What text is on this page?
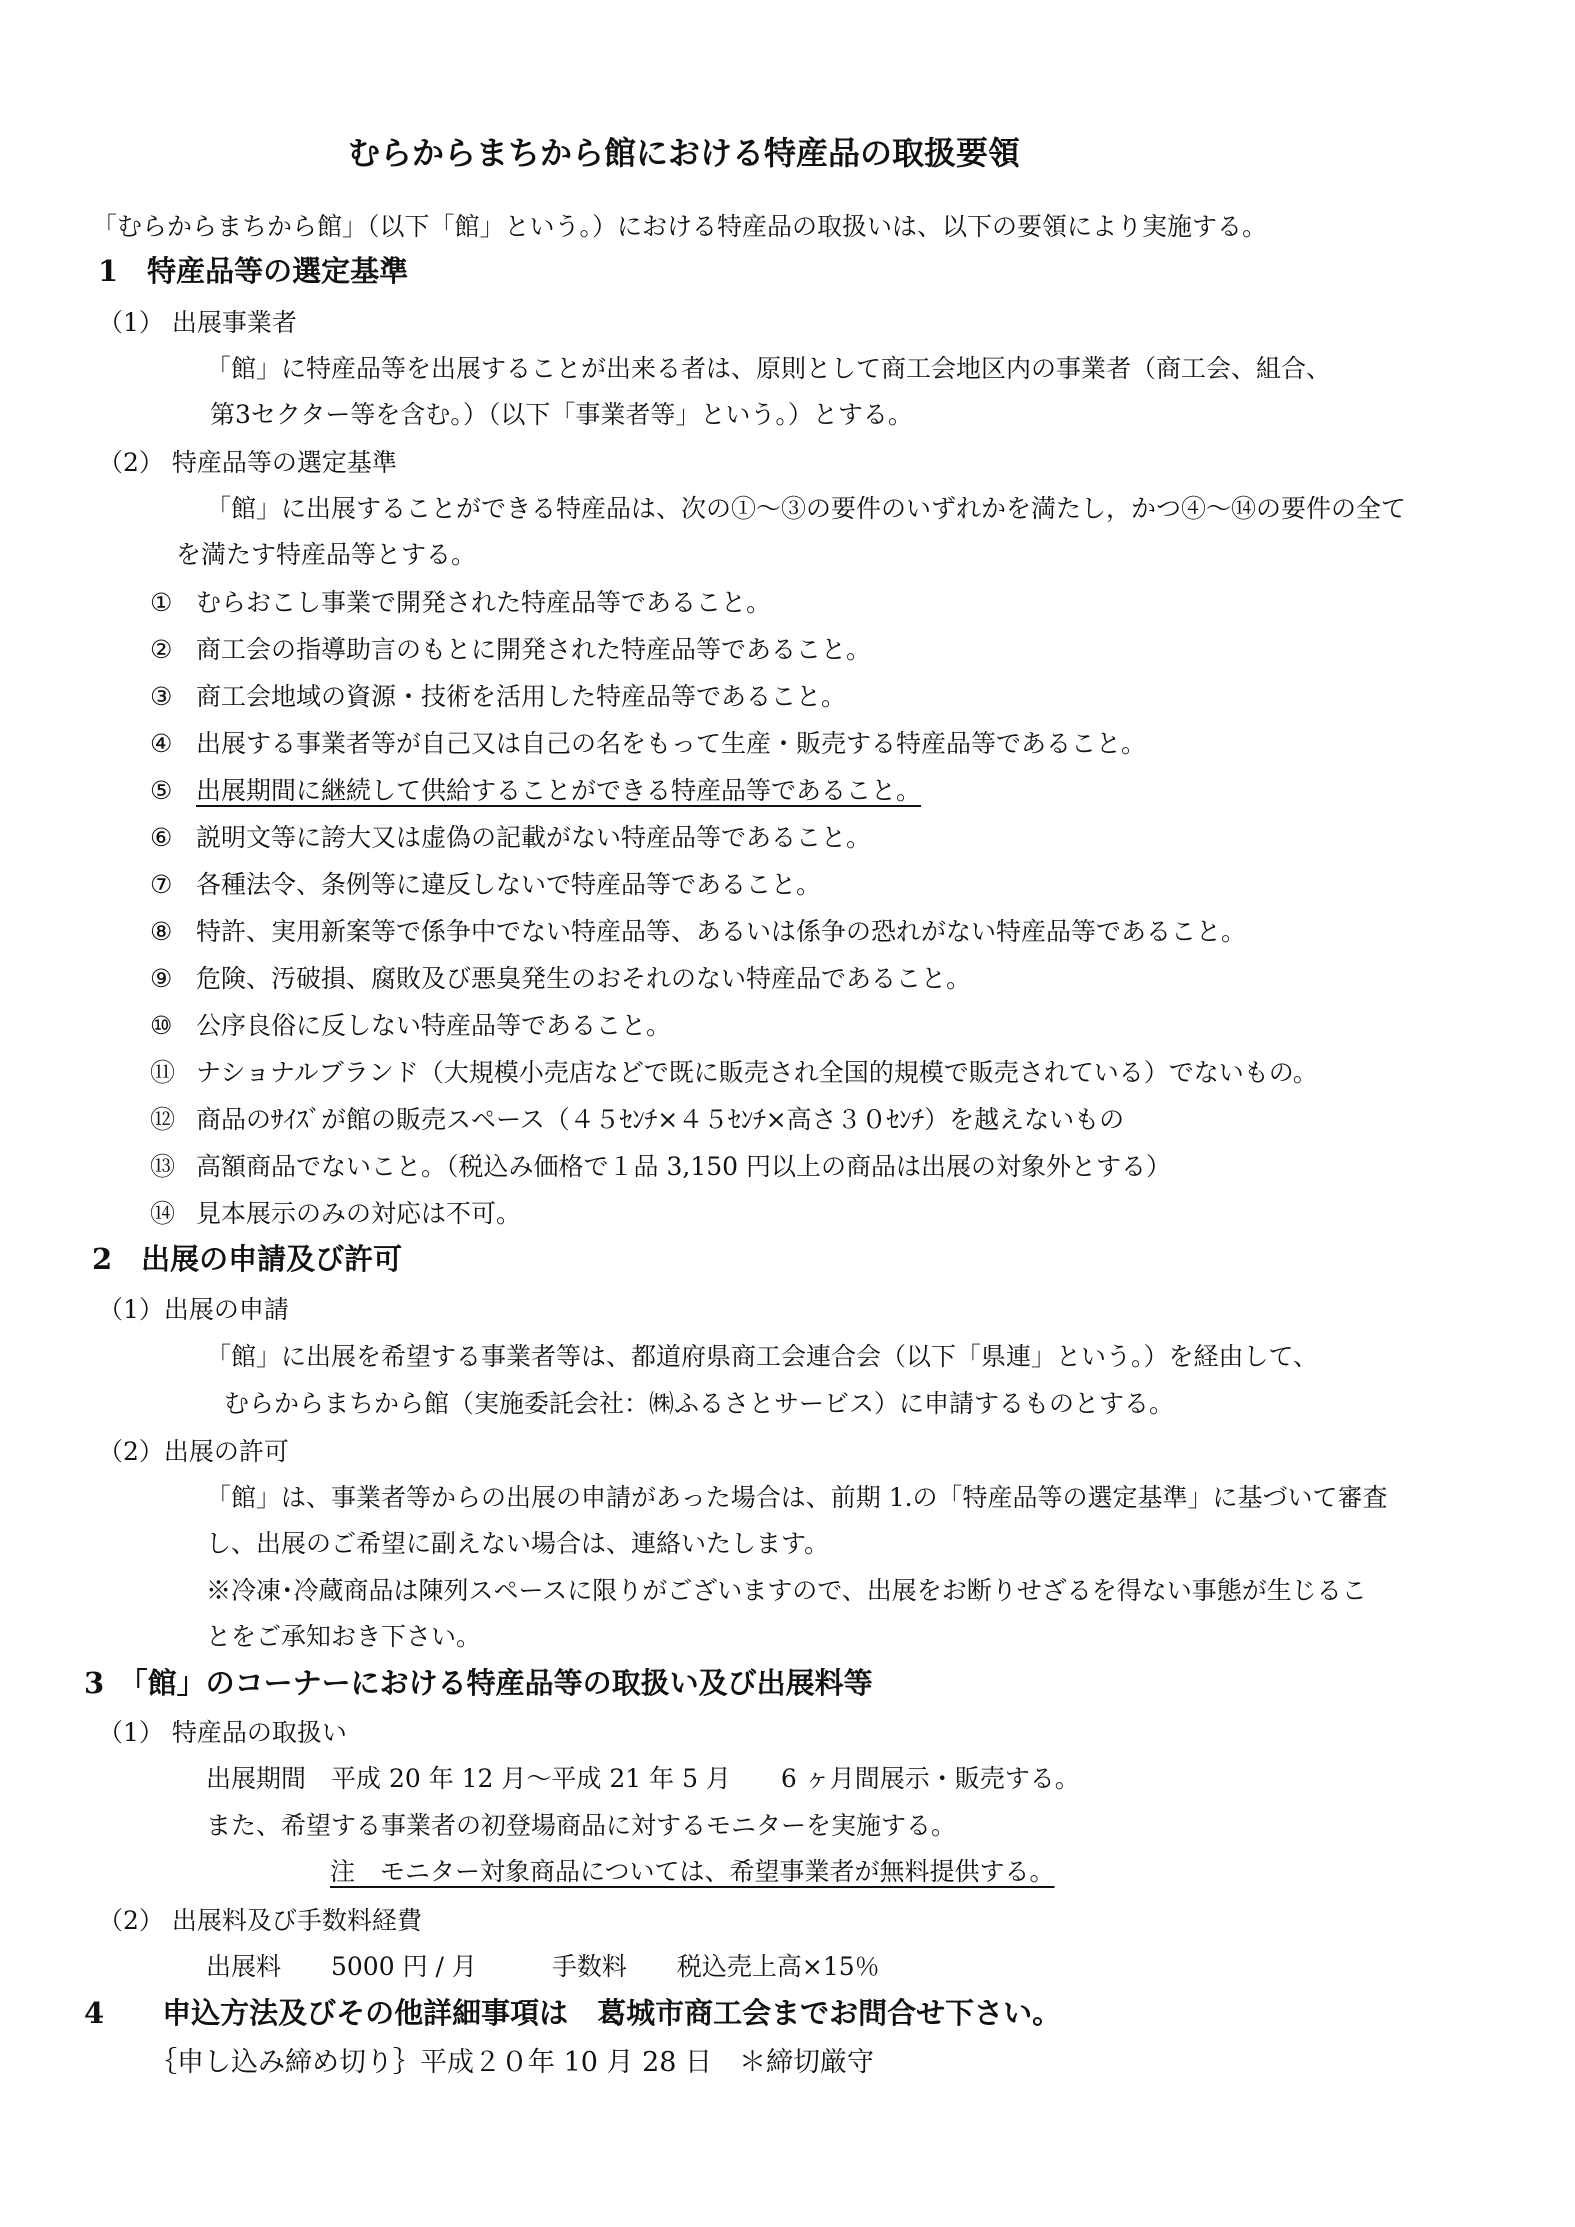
むらからまちから館における特産品の取扱要領
「むらからまちから館」（以下「館」という。）における特産品の取扱いは、以下の要領により実施する。
1　特産品等の選定基準
（1） 出展事業者
「館」に特産品等を出展することが出来る者は、原則として商工会地区内の事業者（商工会、組合、
第3セクター等を含む。）（以下「事業者等」という。）とする。
（2） 特産品等の選定基準
「館」に出展することができる特産品は、次の①～③の要件のいずれかを満たし，かつ④～⑭の要件の全て
を満たす特産品等とする。
① むらおこし事業で開発された特産品等であること。
② 商工会の指導助言のもとに開発された特産品等であること。
③ 商工会地域の資源・技術を活用した特産品等であること。
④ 出展する事業者等が自己又は自己の名をもって生産・販売する特産品等であること。
⑤ 出展期間に継続して供給することができる特産品等であること。
⑥ 説明文等に誇大又は虚偽の記載がない特産品等であること。
⑦ 各種法令、条例等に違反しないで特産品等であること。
⑧ 特許、実用新案等で係争中でない特産品等、あるいは係争の恐れがない特産品等であること。
⑨ 危険、汚破損、腐敗及び悪臭発生のおそれのない特産品であること。
⑩ 公序良俗に反しない特産品等であること。
⑪ ナショナルブランド（大規模小売店などで既に販売され全国的規模で販売されている）でないもの。
⑫ 商品のｻｲｽﾞが館の販売スペース（４５ｾﾝﾁ×４５ｾﾝﾁ×高さ３０ｾﾝﾁ）を越えないもの
⑬ 高額商品でないこと。（税込み価格で１品 3,150 円以上の商品は出展の対象外とする）
⑭ 見本展示のみの対応は不可。
2　出展の申請及び許可
（1）出展の申請
「館」に出展を希望する事業者等は、都道府県商工会連合会（以下「県連」という。）を経由して、
むらからまちから館（実施委託会社：㈱ふるさとサービス）に申請するものとする。
（2）出展の許可
「館」は、事業者等からの出展の申請があった場合は、前期 1.の「特産品等の選定基準」に基づいて審査
し、出展のご希望に副えない場合は、連絡いたします。
※冷凍･冷蔵商品は陳列スペースに限りがございますので、出展をお断りせざるを得ない事態が生じるこ
とをご承知おき下さい。
3　「館」のコーナーにおける特産品等の取扱い及び出展料等
（1） 特産品の取扱い
出展期間　平成 20 年 12 月～平成 21 年 5 月　　6 ヶ月間展示・販売する。
また、希望する事業者の初登場商品に対するモニターを実施する。
注　モニター対象商品については、希望事業者が無料提供する。
（2） 出展料及び手数料経費
出展料　　5000 円 / 月　　　手数料　　税込売上高×15％
4　　申込方法及びその他詳細事項は　葛城市商工会までお問合せ下さい。
｛申し込み締め切り｝平成２０年 10 月 28 日　＊締切厳守
